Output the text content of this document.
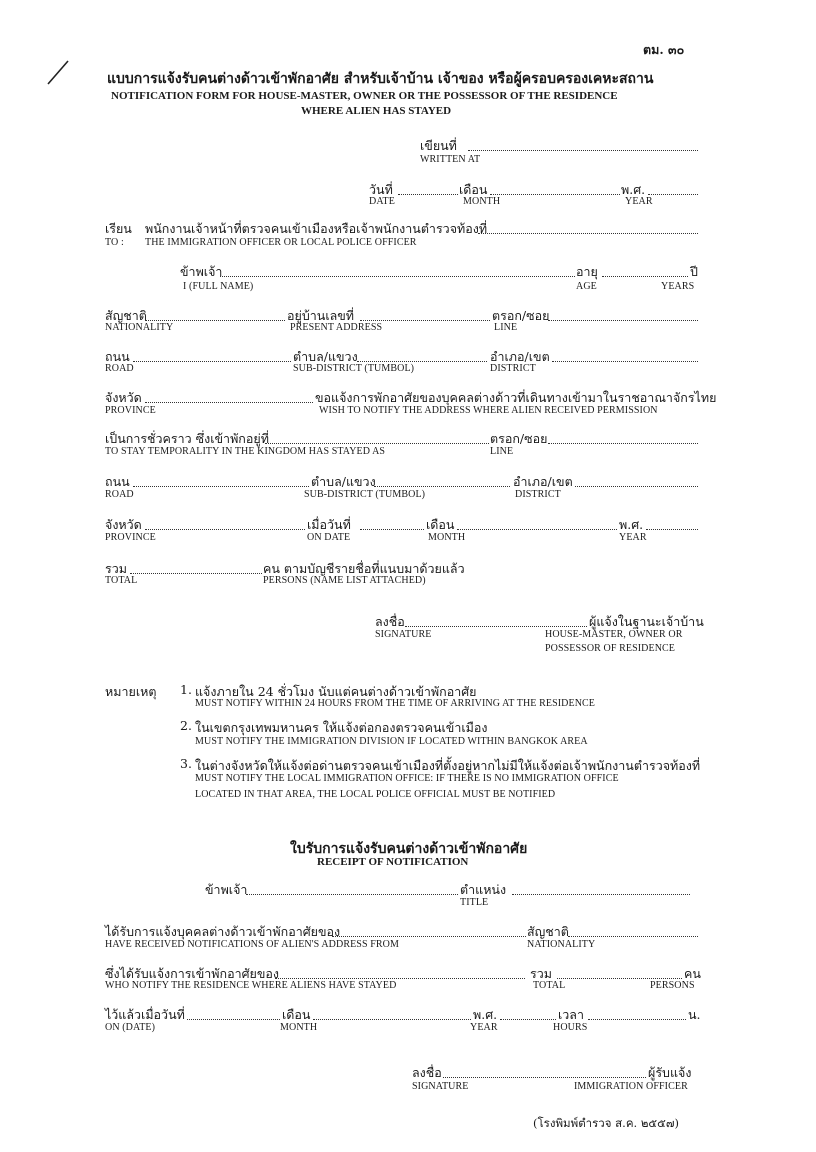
ตม. ๓๐
แบบการแจ้งรับคนต่างด้าวเข้าพักอาศัย สำหรับเจ้าบ้าน เจ้าของ หรือผู้ครอบครองเคหะสถาน
NOTIFICATION FORM FOR HOUSE-MASTER, OWNER OR THE POSSESSOR OF THE RESIDENCE
WHERE ALIEN HAS STAYED
เขียนที่
WRITTEN AT
วันที่	เดือน	พ.ศ.
DATE	MONTH	YEAR
เรียน พนักงานเจ้าหน้าที่ตรวจคนเข้าเมืองหรือเจ้าพนักงานตำรวจท้องที่
TO : THE IMMIGRATION OFFICER OR LOCAL POLICE OFFICER
ข้าพเจ้า	อายุ	ปี
I (FULL NAME)	AGE	YEARS
สัญชาติ	อยู่บ้านเลขที่	ตรอก/ซอย
NATIONALITY	PRESENT ADDRESS	LINE
ถนน	ตำบล/แขวง	อำเภอ/เขต
ROAD	SUB-DISTRICT (TUMBOL)	DISTRICT
จังหวัด	ขอแจ้งการพักอาศัยของบุคคลต่างด้าวที่เดินทางเข้ามาในราชอาณาจักรไทย
PROVINCE	WISH TO NOTIFY THE ADDRESS WHERE ALIEN RECEIVED PERMISSION
เป็นการชั่วคราว ซึ่งเข้าพักอยู่ที่	ตรอก/ซอย
TO STAY TEMPORALITY IN THE KINGDOM HAS STAYED AS	LINE
ถนน	ตำบล/แขวง	อำเภอ/เขต
ROAD	SUB-DISTRICT (TUMBOL)	DISTRICT
จังหวัด	เมื่อวันที่	เดือน	พ.ศ.
PROVINCE	ON DATE	MONTH	YEAR
รวม	คน ตามบัญชีรายชื่อที่แนบมาด้วยแล้ว
TOTAL	PERSONS (NAME LIST ATTACHED)
ลงชื่อ	ผู้แจ้งในฐานะเจ้าบ้าน
SIGNATURE	HOUSE-MASTER, OWNER OR
POSSESSOR OF RESIDENCE
หมายเหตุ 1. แจ้งภายใน 24 ชั่วโมง นับแต่คนต่างด้าวเข้าพักอาศัย
MUST NOTIFY WITHIN 24 HOURS FROM THE TIME OF ARRIVING AT THE RESIDENCE
2. ในเขตกรุงเทพมหานคร ให้แจ้งต่อกองตรวจคนเข้าเมือง
MUST NOTIFY THE IMMIGRATION DIVISION IF LOCATED WITHIN BANGKOK AREA
3. ในต่างจังหวัดให้แจ้งต่อด่านตรวจคนเข้าเมืองที่ตั้งอยู่หากไม่มีให้แจ้งต่อเจ้าพนักงานตำรวจท้องที่
MUST NOTIFY THE LOCAL IMMIGRATION OFFICE: IF THERE IS NO IMMIGRATION OFFICE
LOCATED IN THAT AREA, THE LOCAL POLICE OFFICIAL MUST BE NOTIFIED
ใบรับการแจ้งรับคนต่างด้าวเข้าพักอาศัย
RECEIPT OF NOTIFICATION
ข้าพเจ้า	ตำแหน่ง
TITLE
ได้รับการแจ้งบุคคลต่างด้าวเข้าพักอาศัยของ	สัญชาติ
HAVE RECEIVED NOTIFICATIONS OF ALIEN'S ADDRESS FROM	NATIONALITY
ซึ่งได้รับแจ้งการเข้าพักอาศัยของ	รวม	คน
WHO NOTIFY THE RESIDENCE WHERE ALIENS HAVE STAYED	TOTAL	PERSONS
ไว้แล้วเมื่อวันที่	เดือน	พ.ศ.	เวลา	น.
ON (DATE)	MONTH	YEAR	HOURS
ลงชื่อ	ผู้รับแจ้ง
SIGNATURE	IMMIGRATION OFFICER
(โรงพิมพ์ตำรวจ ส.ค. ๒๕๕๗)
